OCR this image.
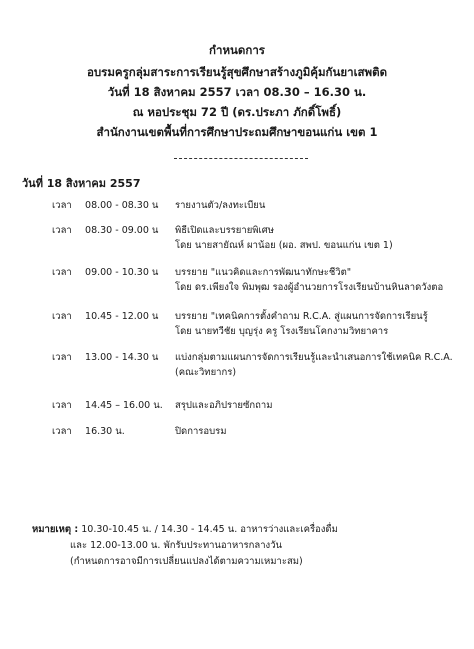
กำหนดการ
อบรมครูกลุ่มสาระการเรียนรู้สุขศึกษาสร้างภูมิคุ้มกันยาเสพติด
วันที่ 18 สิงหาคม 2557 เวลา 08.30 – 16.30 น.
ณ หอประชุม 72 ปี (ดร.ประภา ภักดิ์โพธิ์)
สำนักงานเขตพื้นที่การศึกษาประถมศึกษาขอนแก่น เขต 1
วันที่ 18 สิงหาคม 2557
เวลา 08.00 - 08.30 น รายงานตัว/ลงทะเบียน
เวลา 08.30 - 09.00 น พิธีเปิดและบรรยายพิเศษ
โดย นายสายัณห์ ผาน้อย (ผอ. สพป. ขอนแก่น เขต 1)
เวลา 09.00 - 10.30 น บรรยาย "แนวคิดและการพัฒนาทักษะชีวิต"
โดย ดร.เพียงใจ พิมพุฒ รองผู้อำนวยการโรงเรียนบ้านหินลาดวังตอ
เวลา 10.45 - 12.00 น บรรยาย "เทคนิคการตั้งคำถาม R.C.A. สู่แผนการจัดการเรียนรู้
โดย นายทวีชัย บุญรุ่ง ครู โรงเรียนโคกงามวิทยาคาร
เวลา 13.00 - 14.30 น แบ่งกลุ่มตามแผนการจัดการเรียนรู้และนำเสนอการใช้เทคนิค R.C.A.
(คณะวิทยากร)
เวลา 14.45 – 16.00 น. สรุปและอภิปรายซักถาม
เวลา 16.30 น.	ปิดการอบรม
หมายเหตุ : 10.30-10.45 น. / 14.30 - 14.45 น. อาหารว่างและเครื่องดื่ม
และ 12.00-13.00 น. พักรับประทานอาหารกลางวัน
(กำหนดการอาจมีการเปลี่ยนแปลงได้ตามความเหมาะสม)
